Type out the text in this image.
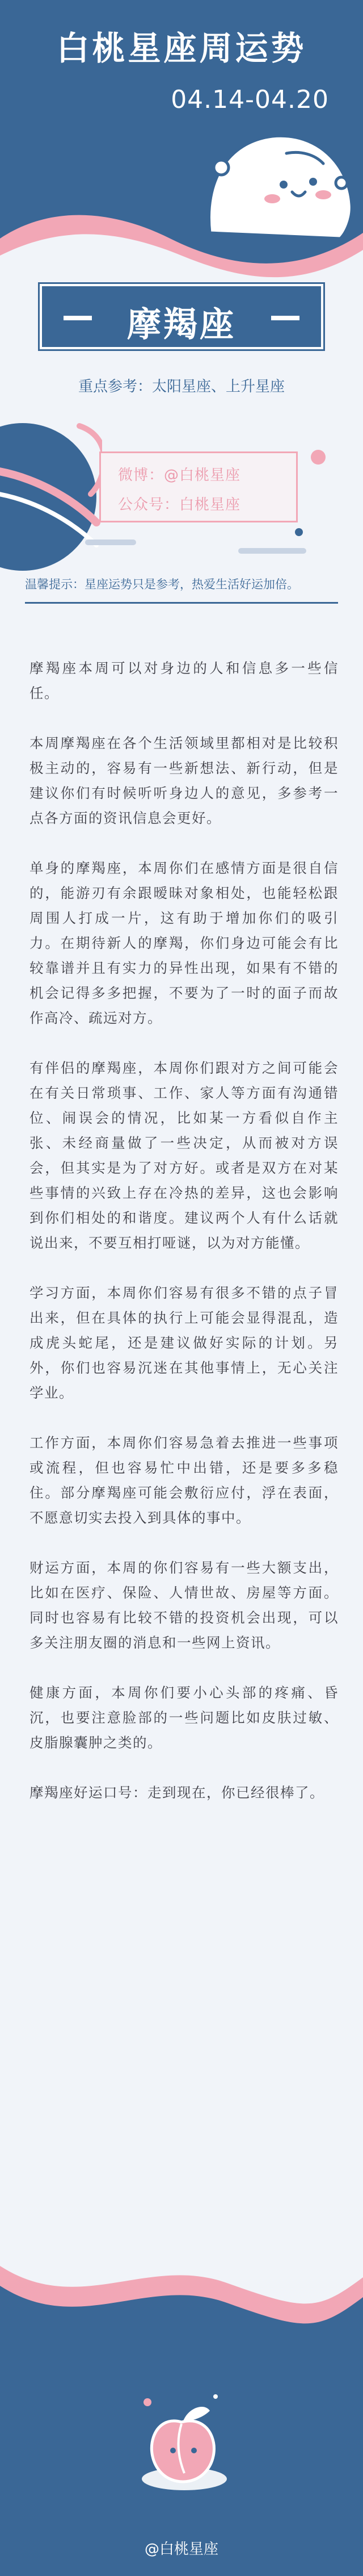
白桃星座周运势
04.14-04.20
摩羯座
重点参考：太阳星座、上升星座
微博：@白桃星座
公众号：白桃星座
温馨提示：星座运势只是参考，热爱生活好运加倍。

摩羯座本周可以对身边的人和信息多一些信任。

本周摩羯座在各个生活领域里都相对是比较积极主动的，容易有一些新想法、新行动，但是建议你们有时候听听身边人的意见，多参考一点各方面的资讯信息会更好。

单身的摩羯座，本周你们在感情方面是很自信的，能游刃有余跟暧昧对象相处，也能轻松跟周围人打成一片，这有助于增加你们的吸引力。在期待新人的摩羯，你们身边可能会有比较靠谱并且有实力的异性出现，如果有不错的机会记得多多把握，不要为了一时的面子而故作高冷、疏远对方。

有伴侣的摩羯座，本周你们跟对方之间可能会在有关日常琐事、工作、家人等方面有沟通错位、闹误会的情况，比如某一方看似自作主张、未经商量做了一些决定，从而被对方误会，但其实是为了对方好。或者是双方在对某些事情的兴致上存在冷热的差异，这也会影响到你们相处的和谐度。建议两个人有什么话就说出来，不要互相打哑谜，以为对方能懂。

学习方面，本周你们容易有很多不错的点子冒出来，但在具体的执行上可能会显得混乱，造成虎头蛇尾，还是建议做好实际的计划。另外，你们也容易沉迷在其他事情上，无心关注学业。

工作方面，本周你们容易急着去推进一些事项或流程，但也容易忙中出错，还是要多多稳住。部分摩羯座可能会敷衍应付，浮在表面，不愿意切实去投入到具体的事中。

财运方面，本周的你们容易有一些大额支出，比如在医疗、保险、人情世故、房屋等方面。同时也容易有比较不错的投资机会出现，可以多关注朋友圈的消息和一些网上资讯。

健康方面，本周你们要小心头部的疼痛、昏沉，也要注意脸部的一些问题比如皮肤过敏、皮脂腺囊肿之类的。

摩羯座好运口号：走到现在，你已经很棒了。

@白桃星座
